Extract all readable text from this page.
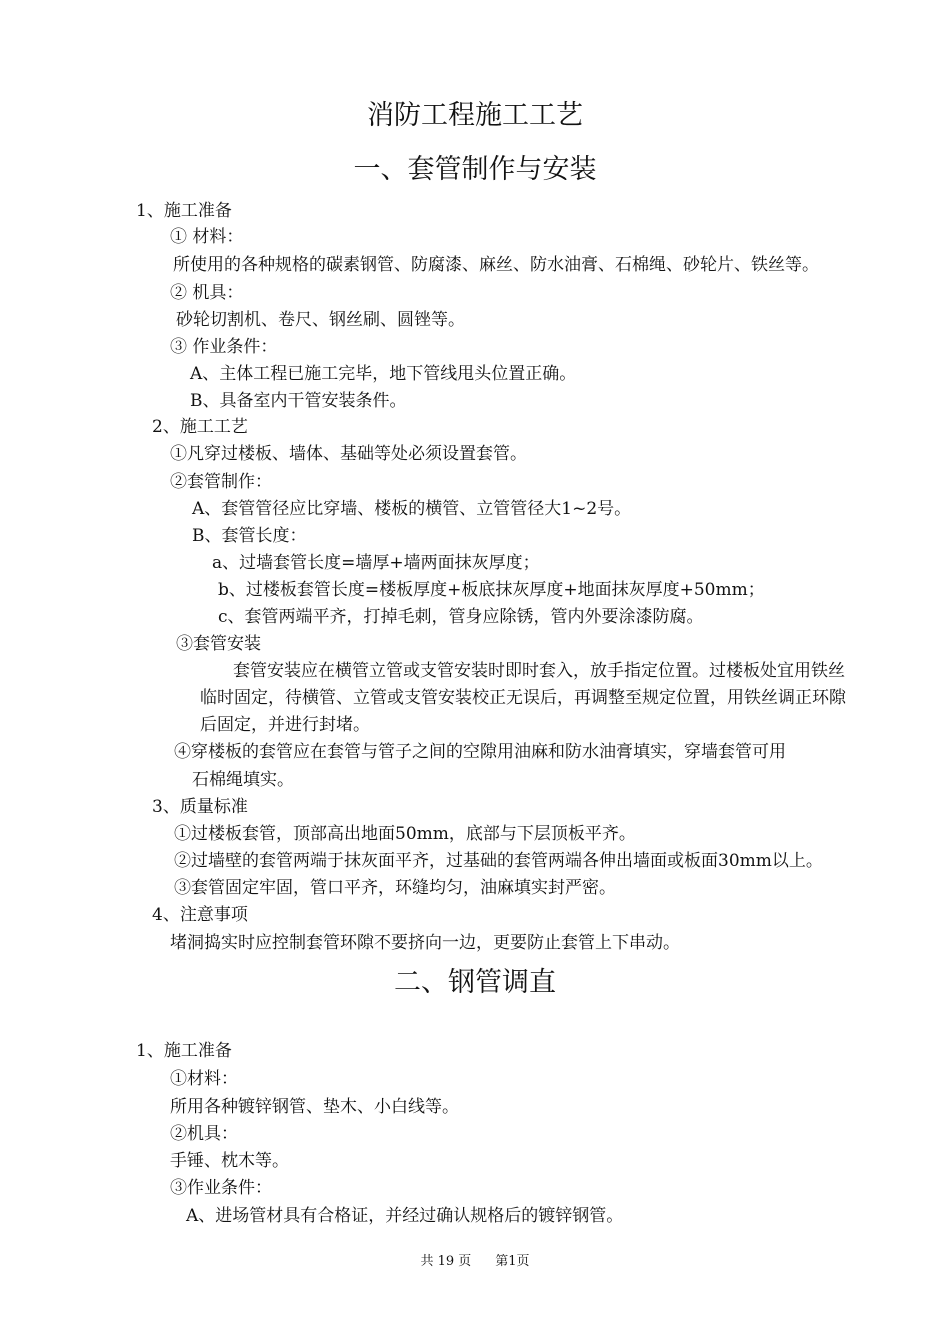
消防工程施工工艺
一、套管制作与安装
1、施工准备
① 材料：
所使用的各种规格的碳素钢管、防腐漆、麻丝、防水油膏、石棉绳、砂轮片、铁丝等。
② 机具：
砂轮切割机、卷尺、钢丝刷、圆锉等。
③ 作业条件：
A、主体工程已施工完毕，地下管线甩头位置正确。
B、具备室内干管安装条件。
2、施工工艺
①凡穿过楼板、墙体、基础等处必须设置套管。
②套管制作：
A、套管管径应比穿墙、楼板的横管、立管管径大1~2号。
B、套管长度：
a、过墙套管长度=墙厚+墙两面抹灰厚度；
b、过楼板套管长度=楼板厚度+板底抹灰厚度+地面抹灰厚度+50mm；
c、套管两端平齐，打掉毛刺，管身应除锈，管内外要涂漆防腐。
③套管安装
套管安装应在横管立管或支管安装时即时套入，放手指定位置。过楼板处宜用铁丝
临时固定，待横管、立管或支管安装校正无误后，再调整至规定位置，用铁丝调正环隙
后固定，并进行封堵。
④穿楼板的套管应在套管与管子之间的空隙用油麻和防水油膏填实，穿墙套管可用
石棉绳填实。
3、质量标准
①过楼板套管，顶部高出地面50mm，底部与下层顶板平齐。
②过墙壁的套管两端于抹灰面平齐，过基础的套管两端各伸出墙面或板面30mm以上。
③套管固定牢固，管口平齐，环缝均匀，油麻填实封严密。
4、注意事项
堵洞捣实时应控制套管环隙不要挤向一边，更要防止套管上下串动。
二、钢管调直
1、施工准备
①材料：
所用各种镀锌钢管、垫木、小白线等。
②机具：
手锤、枕木等。
③作业条件：
A、进场管材具有合格证，并经过确认规格后的镀锌钢管。
共 19 页 第1页
